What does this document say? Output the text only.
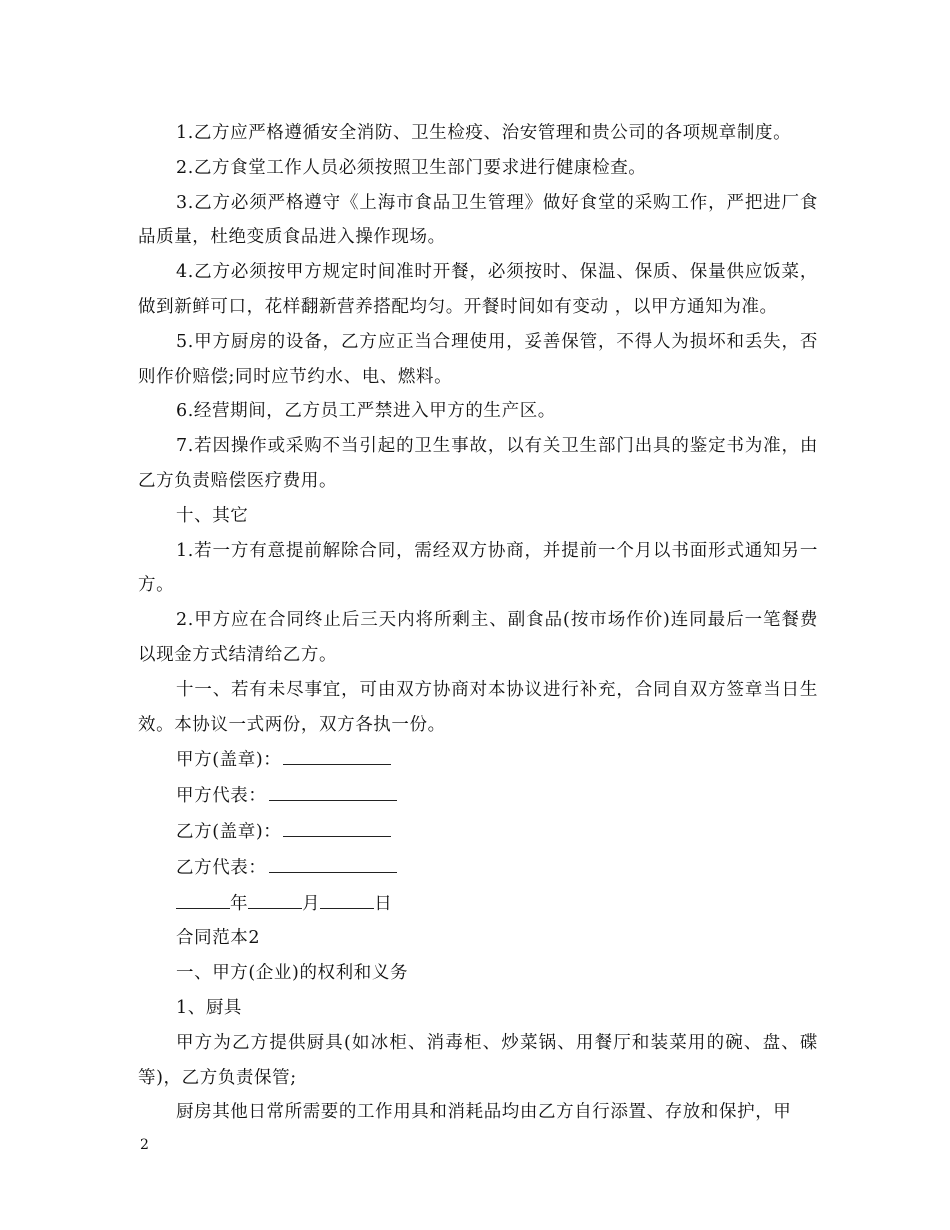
1.乙方应严格遵循安全消防、卫生检疫、治安管理和贵公司的各项规章制度。

2.乙方食堂工作人员必须按照卫生部门要求进行健康检查。

3.乙方必须严格遵守《上海市食品卫生管理》做好食堂的采购工作，严把进厂食品质量，杜绝变质食品进入操作现场。

4.乙方必须按甲方规定时间准时开餐，必须按时、保温、保质、保量供应饭菜，做到新鲜可口，花样翻新营养搭配均匀。开餐时间如有变动 ，以甲方通知为准。

5.甲方厨房的设备，乙方应正当合理使用，妥善保管，不得人为损坏和丢失，否则作价赔偿;同时应节约水、电、燃料。

6.经营期间，乙方员工严禁进入甲方的生产区。

7.若因操作或采购不当引起的卫生事故，以有关卫生部门出具的鉴定书为准，由乙方负责赔偿医疗费用。

十、其它

1.若一方有意提前解除合同，需经双方协商，并提前一个月以书面形式通知另一方。

2.甲方应在合同终止后三天内将所剩主、副食品(按市场作价)连同最后一笔餐费以现金方式结清给乙方。

十一、若有未尽事宜，可由双方协商对本协议进行补充，合同自双方签章当日生效。本协议一式两份，双方各执一份。

甲方(盖章)：
甲方代表：
乙方(盖章)：
乙方代表：
年	月	日

合同范本2

一、甲方(企业)的权利和义务

1、厨具

甲方为乙方提供厨具(如冰柜、消毒柜、炒菜锅、用餐厅和装菜用的碗、盘、碟等)，乙方负责保管;

厨房其他日常所需要的工作用具和消耗品均由乙方自行添置、存放和保护，甲

2
